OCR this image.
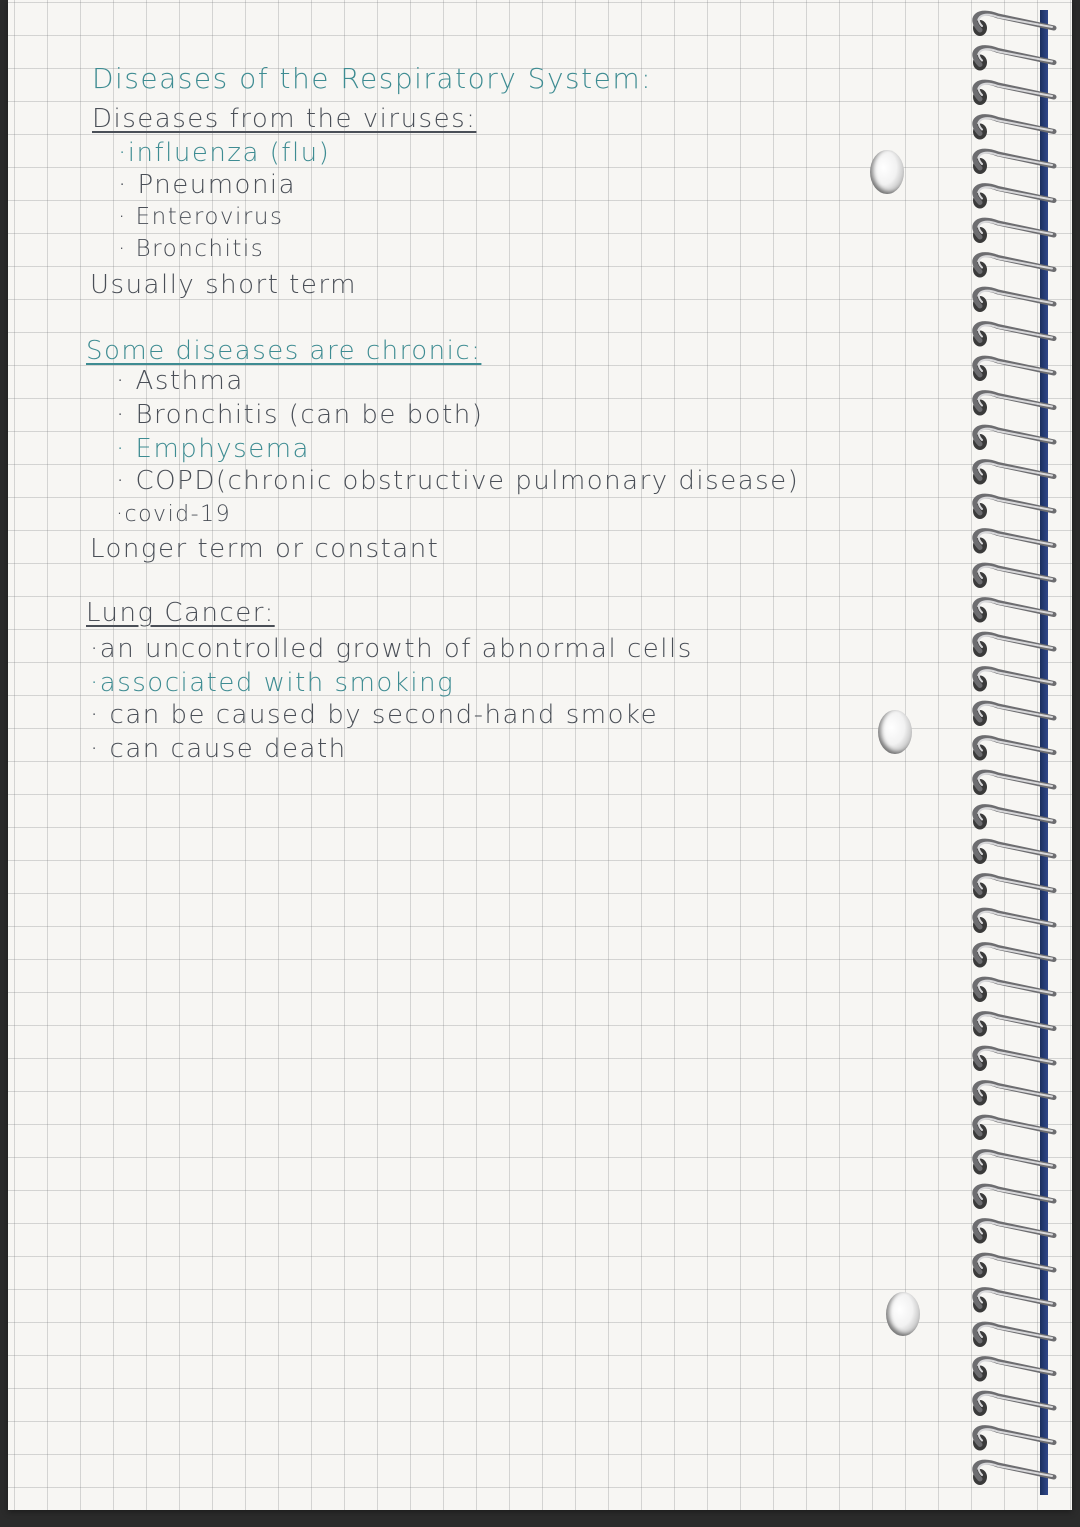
Diseases of the Respiratory System:
Diseases from the viruses:
·influenza (flu)
· Pneumonia
· Enterovirus
· Bronchitis
Usually short term
Some diseases are chronic:
· Asthma
· Bronchitis (can be both)
· Emphysema
· COPD(chronic obstructive pulmonary disease)
·covid-19
Longer term or constant
Lung Cancer:
·an uncontrolled growth of abnormal cells
·associated with smoking
· can be caused by second-hand smoke
· can cause death
